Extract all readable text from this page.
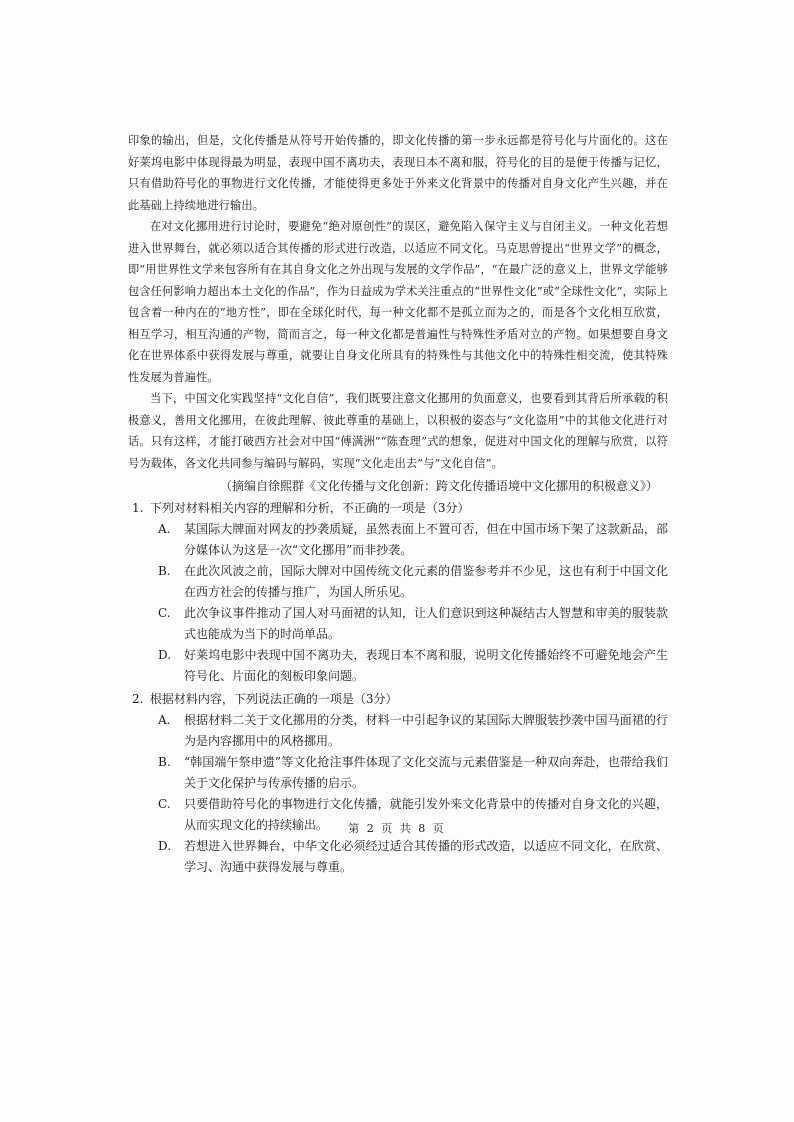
印象的输出，但是，文化传播是从符号开始传播的，即文化传播的第一步永远都是符号化与片面化的。这在好莱坞电影中体现得最为明显，表现中国不离功夫，表现日本不离和服，符号化的目的是便于传播与记忆，只有借助符号化的事物进行文化传播，才能使得更多处于外来文化背景中的传播对自身文化产生兴趣，并在此基础上持续地进行输出。

在对文化挪用进行讨论时，要避免“绝对原创性”的误区，避免陷入保守主义与自闭主义。一种文化若想进入世界舞台，就必须以适合其传播的形式进行改造，以适应不同文化。马克思曾提出“世界文学”的概念，即“用世界性文学来包容所有在其自身文化之外出现与发展的文学作品”，“在最广泛的意义上，世界文学能够包含任何影响力超出本土文化的作品”，作为日益成为学术关注重点的“世界性文化”或“全球性文化”，实际上包含着一种内在的“地方性”，即在全球化时代，每一种文化都不是孤立而为之的，而是各个文化相互欣赏，相互学习，相互沟通的产物，简而言之，每一种文化都是普遍性与特殊性矛盾对立的产物。如果想要自身文化在世界体系中获得发展与尊重，就要让自身文化所具有的特殊性与其他文化中的特殊性相交流，使其特殊性发展为普遍性。

当下，中国文化实践坚持“文化自信”，我们既要注意文化挪用的负面意义，也要看到其背后所承载的积极意义，善用文化挪用，在彼此理解、彼此尊重的基础上，以积极的姿态与“文化盗用”中的其他文化进行对话。只有这样，才能打破西方社会对中国“傅满洲”“陈查理”式的想象，促进对中国文化的理解与欣赏，以符号为载体，各文化共同参与编码与解码，实现“文化走出去”与“文化自信”。

（摘编自徐熙群《文化传播与文化创新：跨文化传播语境中文化挪用的积极意义》）
1. 下列对材料相关内容的理解和分析，不正确的一项是（3分）
A.	某国际大牌面对网友的抄袭质疑，虽然表面上不置可否，但在中国市场下架了这款新品，部分媒体认为这是一次“文化挪用”而非抄袭。
B.	在此次风波之前，国际大牌对中国传统文化元素的借鉴参考并不少见，这也有利于中国文化在西方社会的传播与推广，为国人所乐见。
C.	此次争议事件推动了国人对马面裙的认知，让人们意识到这种凝结古人智慧和审美的服装款式也能成为当下的时尚单品。
D.	好莱坞电影中表现中国不离功夫，表现日本不离和服，说明文化传播始终不可避免地会产生符号化、片面化的刻板印象问题。
2. 根据材料内容，下列说法正确的一项是（3分）
A.	根据材料二关于文化挪用的分类，材料一中引起争议的某国际大牌服装抄袭中国马面裙的行为是内容挪用中的风格挪用。
B.	“韩国端午祭申遗”等文化抢注事件体现了文化交流与元素借鉴是一种双向奔赴，也带给我们关于文化保护与传承传播的启示。
C.	只要借助符号化的事物进行文化传播，就能引发外来文化背景中的传播对自身文化的兴趣，从而实现文化的持续输出。
D.	若想进入世界舞台，中华文化必须经过适合其传播的形式改造，以适应不同文化，在欣赏、学习、沟通中获得发展与尊重。
第 2 页 共 8 页
